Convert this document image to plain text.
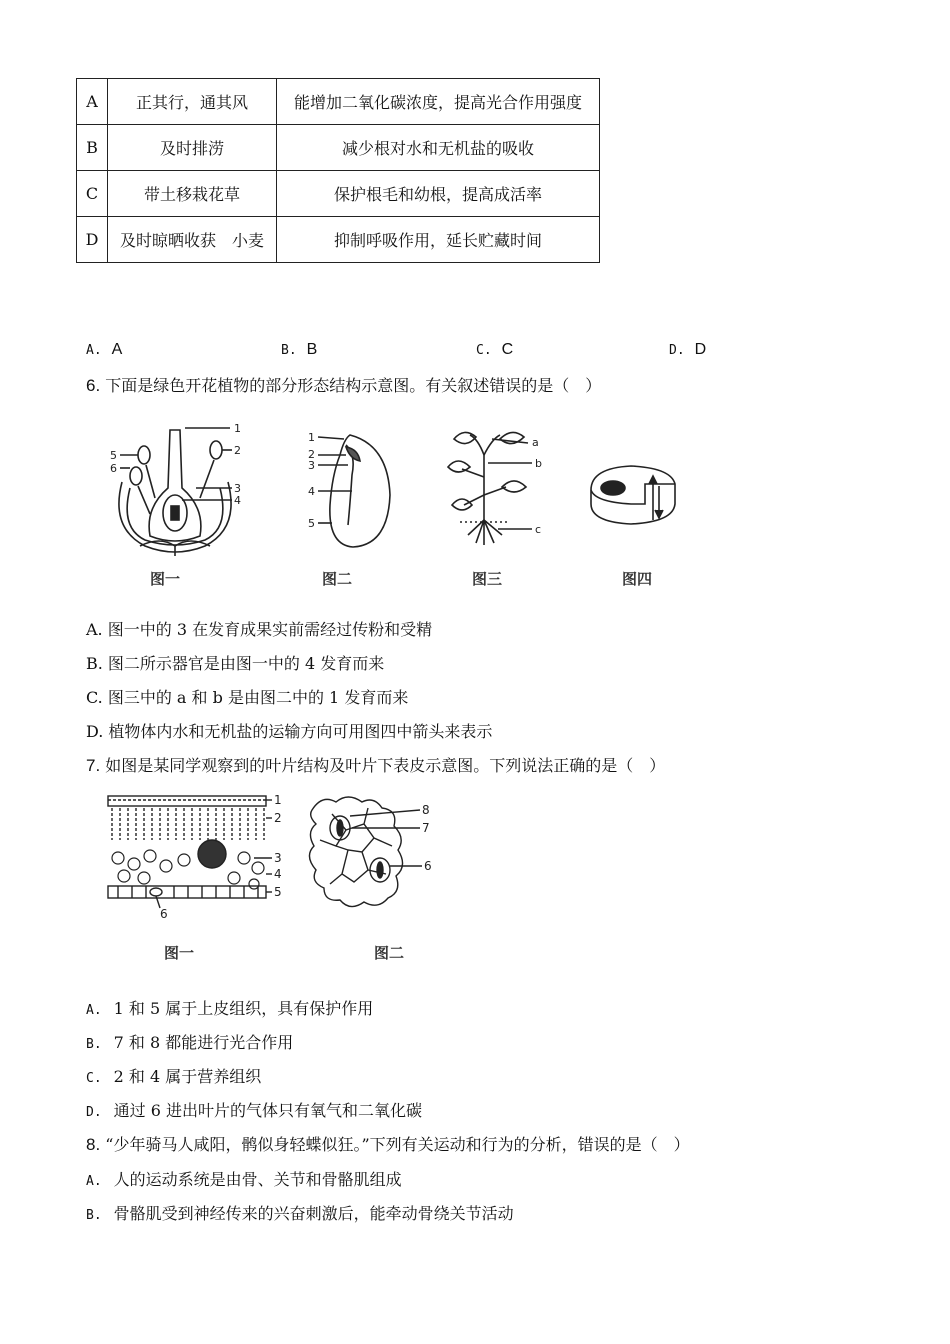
A	正其行，通其风	能增加二氧化碳浓度，提高光合作用强度
B	及时排涝	减少根对水和无机盐的吸收
C	带土移栽花草	保护根毛和幼根，提高成活率
D	及时晾晒收获　小麦	抑制呼吸作用，延长贮藏时间
A. A	B. B	C. C	D. D
6. 下面是绿色开花植物的部分形态结构示意图。有关叙述错误的是（　）
1
2
3
4
5
6
图一
1
2
3
4
5
图二
a
b
c
图三	图四
A. 图一中的 3 在发育成果实前需经过传粉和受精
B. 图二所示器官是由图一中的 4 发育而来
C. 图三中的 a 和 b 是由图二中的 1 发育而来
D. 植物体内水和无机盐的运输方向可用图四中箭头来表示
7. 如图是某同学观察到的叶片结构及叶片下表皮示意图。下列说法正确的是（　）
1
2
3
4
5
6
图一
8
7
6
图二
A. 1 和 5 属于上皮组织，具有保护作用
B. 7 和 8 都能进行光合作用
C. 2 和 4 属于营养组织
D. 通过 6 进出叶片的气体只有氧气和二氧化碳
8. “少年骑马人咸阳，鹘似身轻蝶似狂。”下列有关运动和行为的分析，错误的是（　）
A. 人的运动系统是由骨、关节和骨骼肌组成
B. 骨骼肌受到神经传来的兴奋刺激后，能牵动骨绕关节活动
